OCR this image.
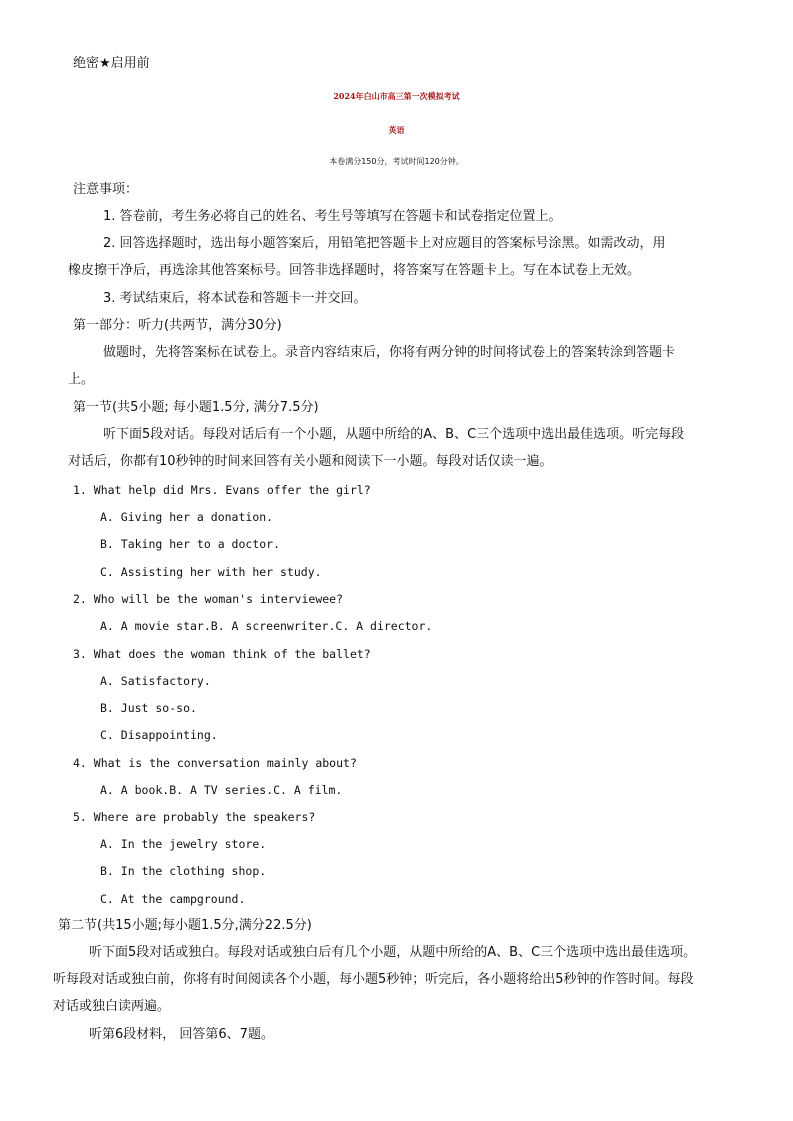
绝密★启用前
2024年白山市高三第一次模拟考试
英语
本卷满分150分，考试时间120分钟。
注意事项：
1. 答卷前，考生务必将自己的姓名、考生号等填写在答题卡和试卷指定位置上。
2. 回答选择题时，选出每小题答案后，用铅笔把答题卡上对应题目的答案标号涂黑。如需改动，用
橡皮擦干净后，再选涂其他答案标号。回答非选择题时，将答案写在答题卡上。写在本试卷上无效。
3. 考试结束后，将本试卷和答题卡一并交回。
第一部分：听力(共两节，满分30分)
做题时，先将答案标在试卷上。录音内容结束后，你将有两分钟的时间将试卷上的答案转涂到答题卡
上。
第一节(共5小题; 每小题1.5分, 满分7.5分)
听下面5段对话。每段对话后有一个小题，从题中所给的A、B、C三个选项中选出最佳选项。听完每段
对话后，你都有10秒钟的时间来回答有关小题和阅读下一小题。每段对话仅读一遍。
1. What help did Mrs. Evans offer the girl?
A. Giving her a donation.
B. Taking her to a doctor.
C. Assisting her with her study.
2. Who will be the woman's interviewee?
A. A movie star.B. A screenwriter.C. A director.
3. What does the woman think of the ballet?
A. Satisfactory.
B. Just so-so.
C. Disappointing.
4. What is the conversation mainly about?
A. A book.B. A TV series.C. A film.
5. Where are probably the speakers?
A. In the jewelry store.
B. In the clothing shop.
C. At the campground.
第二节(共15小题;每小题1.5分,满分22.5分)
听下面5段对话或独白。每段对话或独白后有几个小题，从题中所给的A、B、C三个选项中选出最佳选项。
听每段对话或独白前，你将有时间阅读各个小题，每小题5秒钟；听完后，各小题将给出5秒钟的作答时间。每段
对话或独白读两遍。
听第6段材料， 回答第6、7题。
